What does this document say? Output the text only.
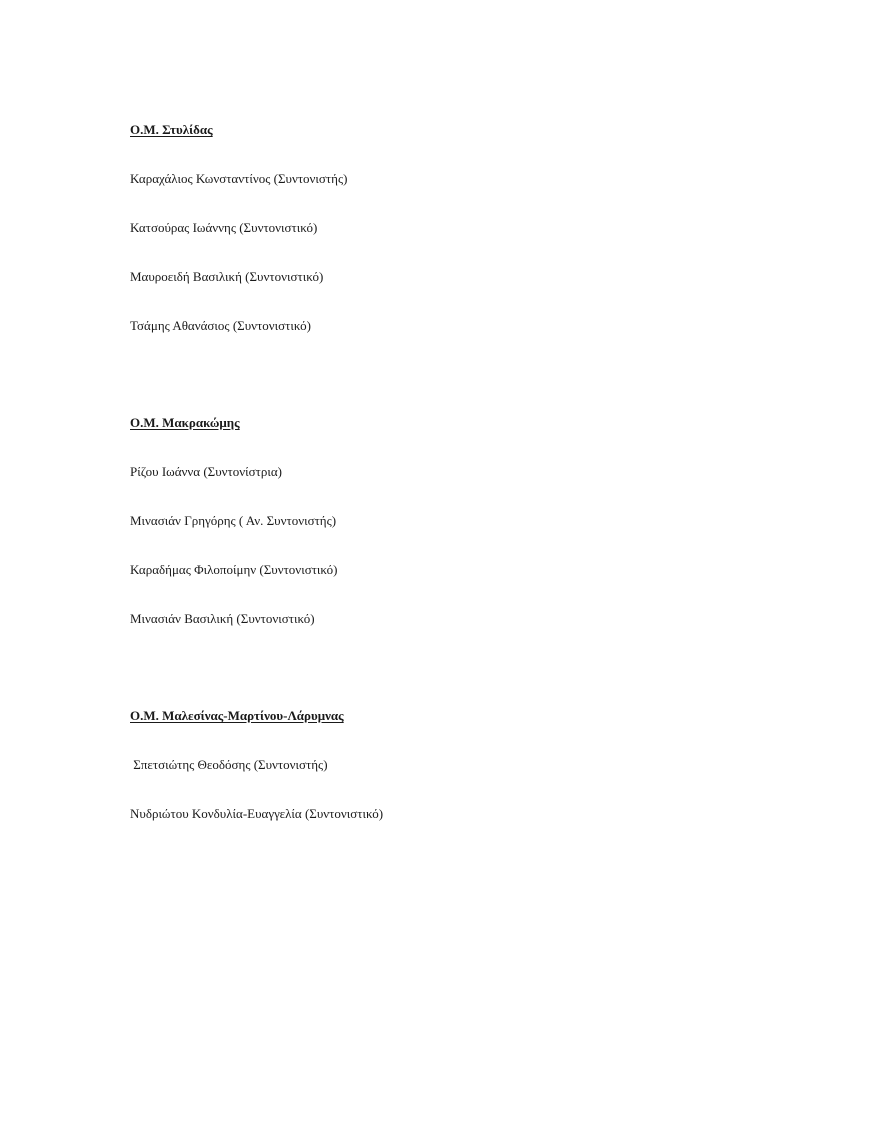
Ο.Μ. Στυλίδας

Καραχάλιος Κωνσταντίνος (Συντονιστής)
Κατσούρας Ιωάννης (Συντονιστικό)
Μαυροειδή Βασιλική (Συντονιστικό)
Τσάμης Αθανάσιος (Συντονιστικό)

Ο.Μ. Μακρακώμης

Ρίζου Ιωάννα (Συντονίστρια)
Μινασιάν Γρηγόρης ( Αν. Συντονιστής)
Καραδήμας Φιλοποίμην (Συντονιστικό)
Μινασιάν Βασιλική (Συντονιστικό)

Ο.Μ. Μαλεσίνας-Μαρτίνου-Λάρυμνας

Σπετσιώτης Θεοδόσης (Συντονιστής)
Νυδριώτου Κονδυλία-Ευαγγελία (Συντονιστικό)
